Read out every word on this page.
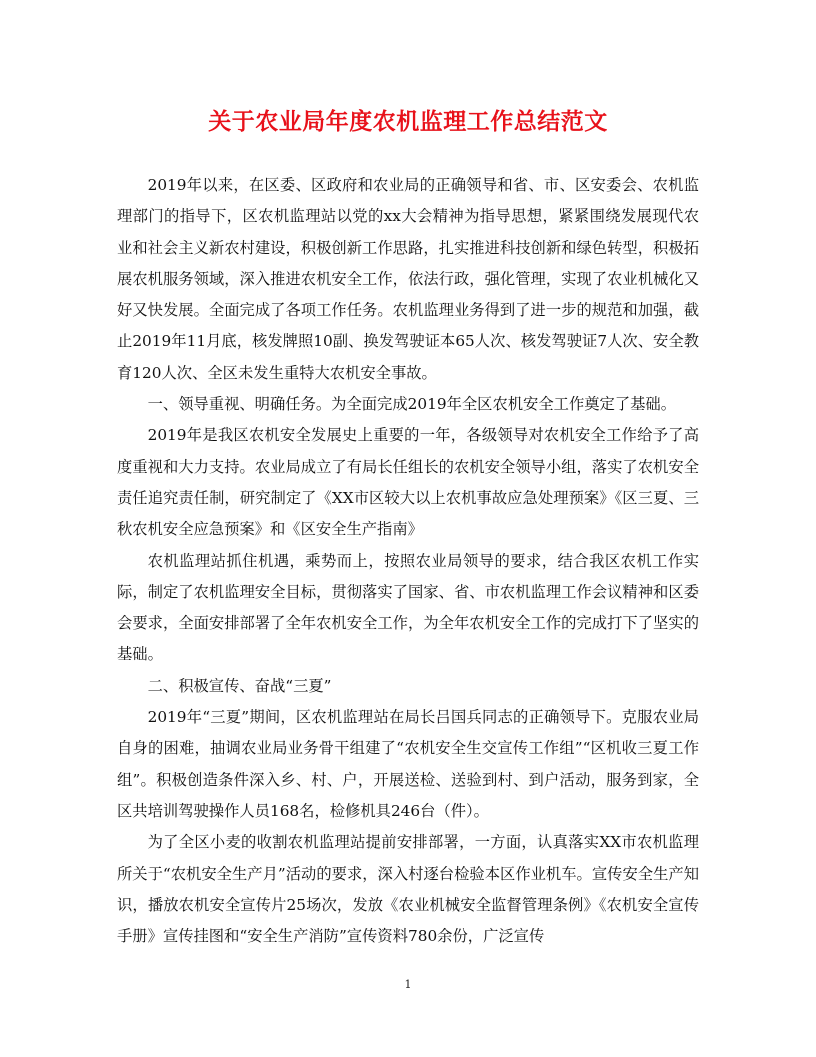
关于农业局年度农机监理工作总结范文

2019年以来，在区委、区政府和农业局的正确领导和省、市、区安委会、农机监理部门的指导下，区农机监理站以党的xx大会精神为指导思想，紧紧围绕发展现代农业和社会主义新农村建设，积极创新工作思路，扎实推进科技创新和绿色转型，积极拓展农机服务领域，深入推进农机安全工作，依法行政，强化管理，实现了农业机械化又好又快发展。全面完成了各项工作任务。农机监理业务得到了进一步的规范和加强，截止2019年11月底，核发牌照10副、换发驾驶证本65人次、核发驾驶证7人次、安全教育120人次、全区未发生重特大农机安全事故。

一、领导重视、明确任务。为全面完成2019年全区农机安全工作奠定了基础。

2019年是我区农机安全发展史上重要的一年，各级领导对农机安全工作给予了高度重视和大力支持。农业局成立了有局长任组长的农机安全领导小组，落实了农机安全责任追究责任制，研究制定了《XX市区较大以上农机事故应急处理预案》《区三夏、三秋农机安全应急预案》和《区安全生产指南》

农机监理站抓住机遇，乘势而上，按照农业局领导的要求，结合我区农机工作实际，制定了农机监理安全目标，贯彻落实了国家、省、市农机监理工作会议精神和区委会要求，全面安排部署了全年农机安全工作，为全年农机安全工作的完成打下了坚实的基础。

二、积极宣传、奋战“三夏”

2019年“三夏”期间，区农机监理站在局长吕国兵同志的正确领导下。克服农业局自身的困难，抽调农业局业务骨干组建了“农机安全生交宣传工作组”“区机收三夏工作组”。积极创造条件深入乡、村、户，开展送检、送验到村、到户活动，服务到家，全区共培训驾驶操作人员168名，检修机具246台（件）。

为了全区小麦的收割农机监理站提前安排部署，一方面，认真落实XX市农机监理所关于“农机安全生产月”活动的要求，深入村逐台检验本区作业机车。宣传安全生产知识，播放农机安全宣传片25场次，发放《农业机械安全监督管理条例》《农机安全宣传手册》宣传挂图和“安全生产消防”宣传资料780余份，广泛宣传

1
